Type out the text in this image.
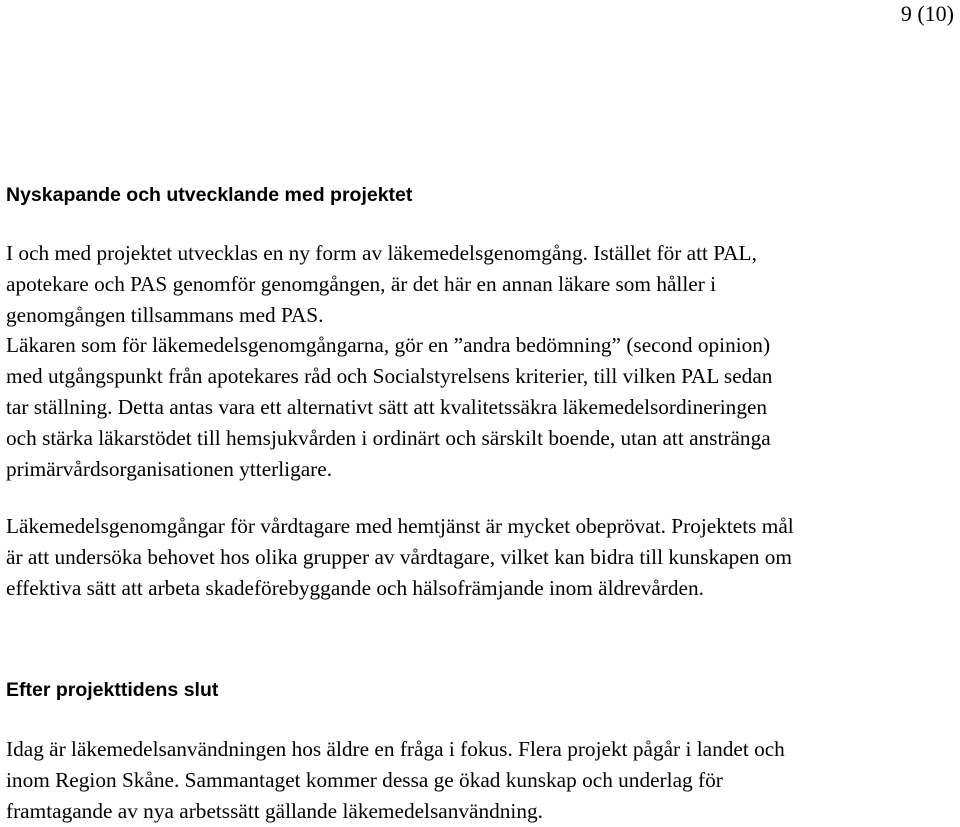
9 (10)
Nyskapande och utvecklande med projektet

I och med projektet utvecklas en ny form av läkemedelsgenomgång. Istället för att PAL,
apotekare och PAS genomför genomgången, är det här en annan läkare som håller i
genomgången tillsammans med PAS.

Läkaren som för läkemedelsgenomgångarna, gör en ”andra bedömning” (second opinion)
med utgångspunkt från apotekares råd och Socialstyrelsens kriterier, till vilken PAL sedan
tar ställning. Detta antas vara ett alternativt sätt att kvalitetssäkra läkemedelsordineringen
och stärka läkarstödet till hemsjukvården i ordinärt och särskilt boende, utan att anstränga
primärvårdsorganisationen ytterligare.

Läkemedelsgenomgångar för vårdtagare med hemtjänst är mycket obeprövat. Projektets mål
är att undersöka behovet hos olika grupper av vårdtagare, vilket kan bidra till kunskapen om
effektiva sätt att arbeta skadeförebyggande och hälsofrämjande inom äldrevården.

Efter projekttidens slut

Idag är läkemedelsanvändningen hos äldre en fråga i fokus. Flera projekt pågår i landet och
inom Region Skåne. Sammantaget kommer dessa ge ökad kunskap och underlag för
framtagande av nya arbetssätt gällande läkemedelsanvändning.
